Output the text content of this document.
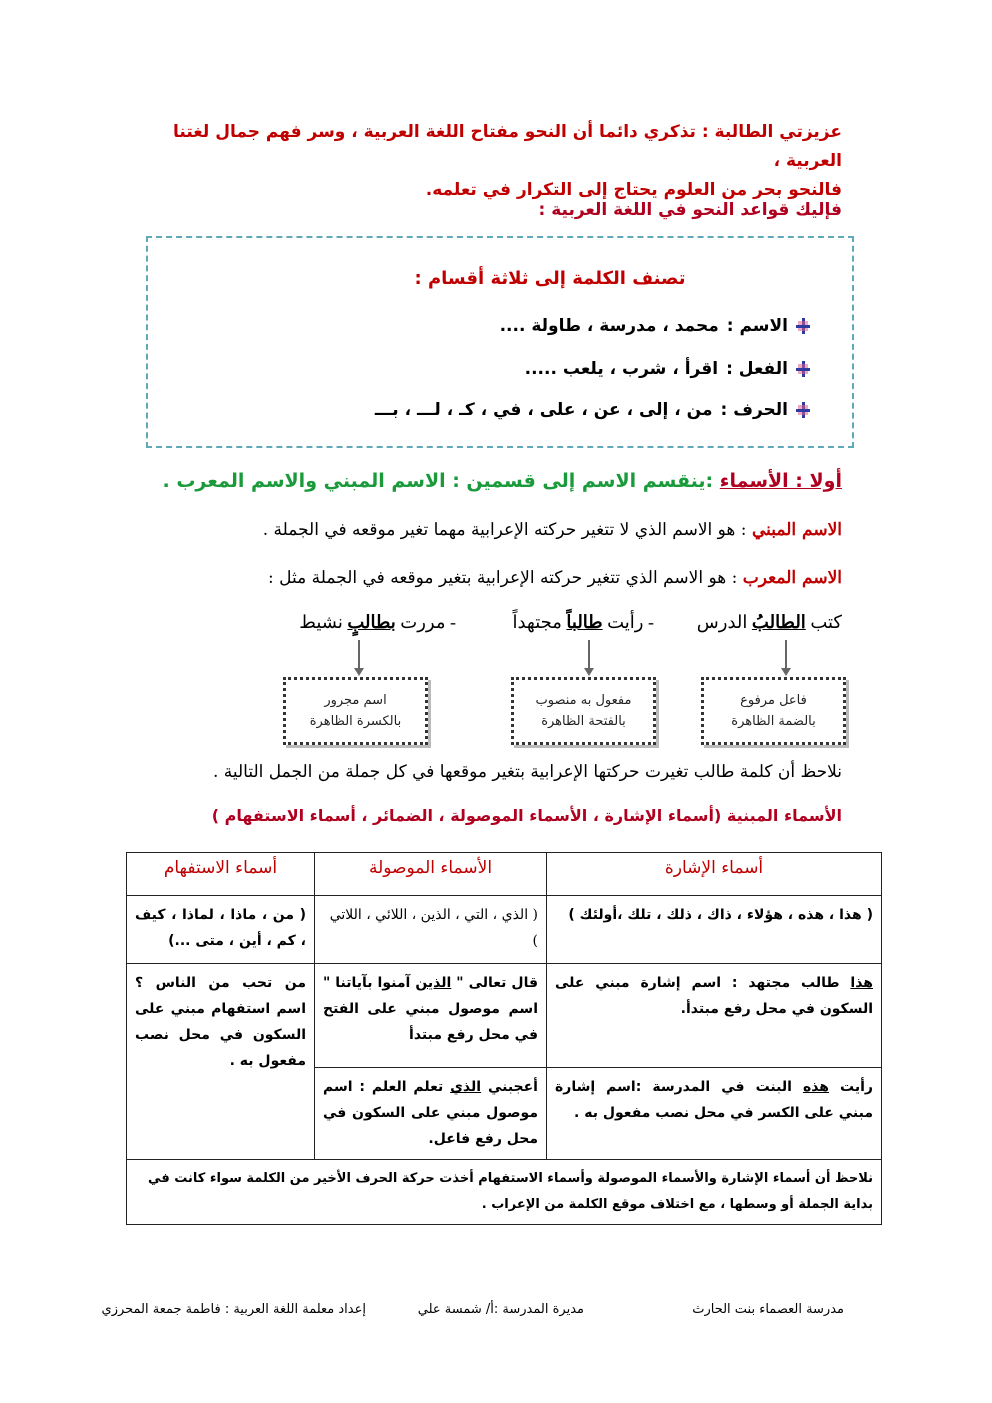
عزيزتي الطالبة : تذكري دائما أن النحو مفتاح اللغة العربية ، وسر فهم جمال لغتنا العربية ،
فالنحو بحر من العلوم يحتاج إلى التكرار في تعلمه.
فإليك قواعد النحو في اللغة العربية :
تصنف الكلمة إلى ثلاثة أقسام :
الاسم :
محمد ، مدرسة ، طاولة ....
الفعل :
اقرأ ، شرب ، يلعب .....
الحرف :
من ، إلى ، عن ، على ، في ، كـ ، لـــ ، بـــ
أولا : الأسماء :ينقسم الاسم إلى قسمين : الاسم المبني والاسم المعرب .
الاسم المبني : هو الاسم الذي لا تتغير حركته الإعرابية مهما تغير موقعه في الجملة .
الاسم المعرب : هو الاسم الذي تتغير حركته الإعرابية بتغير موقعه في الجملة مثل :
كتب الطالبُ الدرس
- رأيت طالباً مجتهداً
- مررت بطالبٍ نشيط
فاعل مرفوع
بالضمة الظاهرة
مفعول به منصوب
بالفتحة الظاهرة
اسم مجرور
بالكسرة الظاهرة
نلاحظ أن كلمة طالب تغيرت حركتها الإعرابية بتغير موقعها في كل جملة من الجمل التالية .
الأسماء المبنية (أسماء الإشارة ، الأسماء الموصولة ، الضمائر ، أسماء الاستفهام )
أسماء الإشارة	الأسماء الموصولة	أسماء الاستفهام
( هذا ، هذه ، هؤلاء ، ذاك ، ذلك ، تلك ،أولئك )	( الذي ، التي ، الذين ، اللائي ، اللاتي )	( من ، ماذا ، لماذا ، كيف ، كم ، أين ، متى ...)
هذا طالب مجتهد : اسم إشارة مبني على السكون في محل رفع مبتدأ.	قال تعالى " الذين آمنوا بآياتنا " اسم موصول مبني على الفتح في محل رفع مبتدأ	من تحب من الناس ؟ اسم استفهام مبني على السكون في محل نصب مفعول به .
رأيت هذه البنت في المدرسة :اسم إشارة مبني على الكسر في محل نصب مفعول به .	أعجبني الذي تعلم العلم : اسم موصول مبني على السكون في محل رفع فاعل.	
نلاحظ أن أسماء الإشارة والأسماء الموصولة وأسماء الاستفهام أخذت حركة الحرف الأخير من الكلمة سواء كانت في بداية الجملة أو وسطها ، مع اختلاف موقع الكلمة من الإعراب .		
مدرسة العصماء بنت الحارث
مديرة المدرسة :أ/ شمسة علي
إعداد معلمة اللغة العربية : فاطمة جمعة المحرزي
